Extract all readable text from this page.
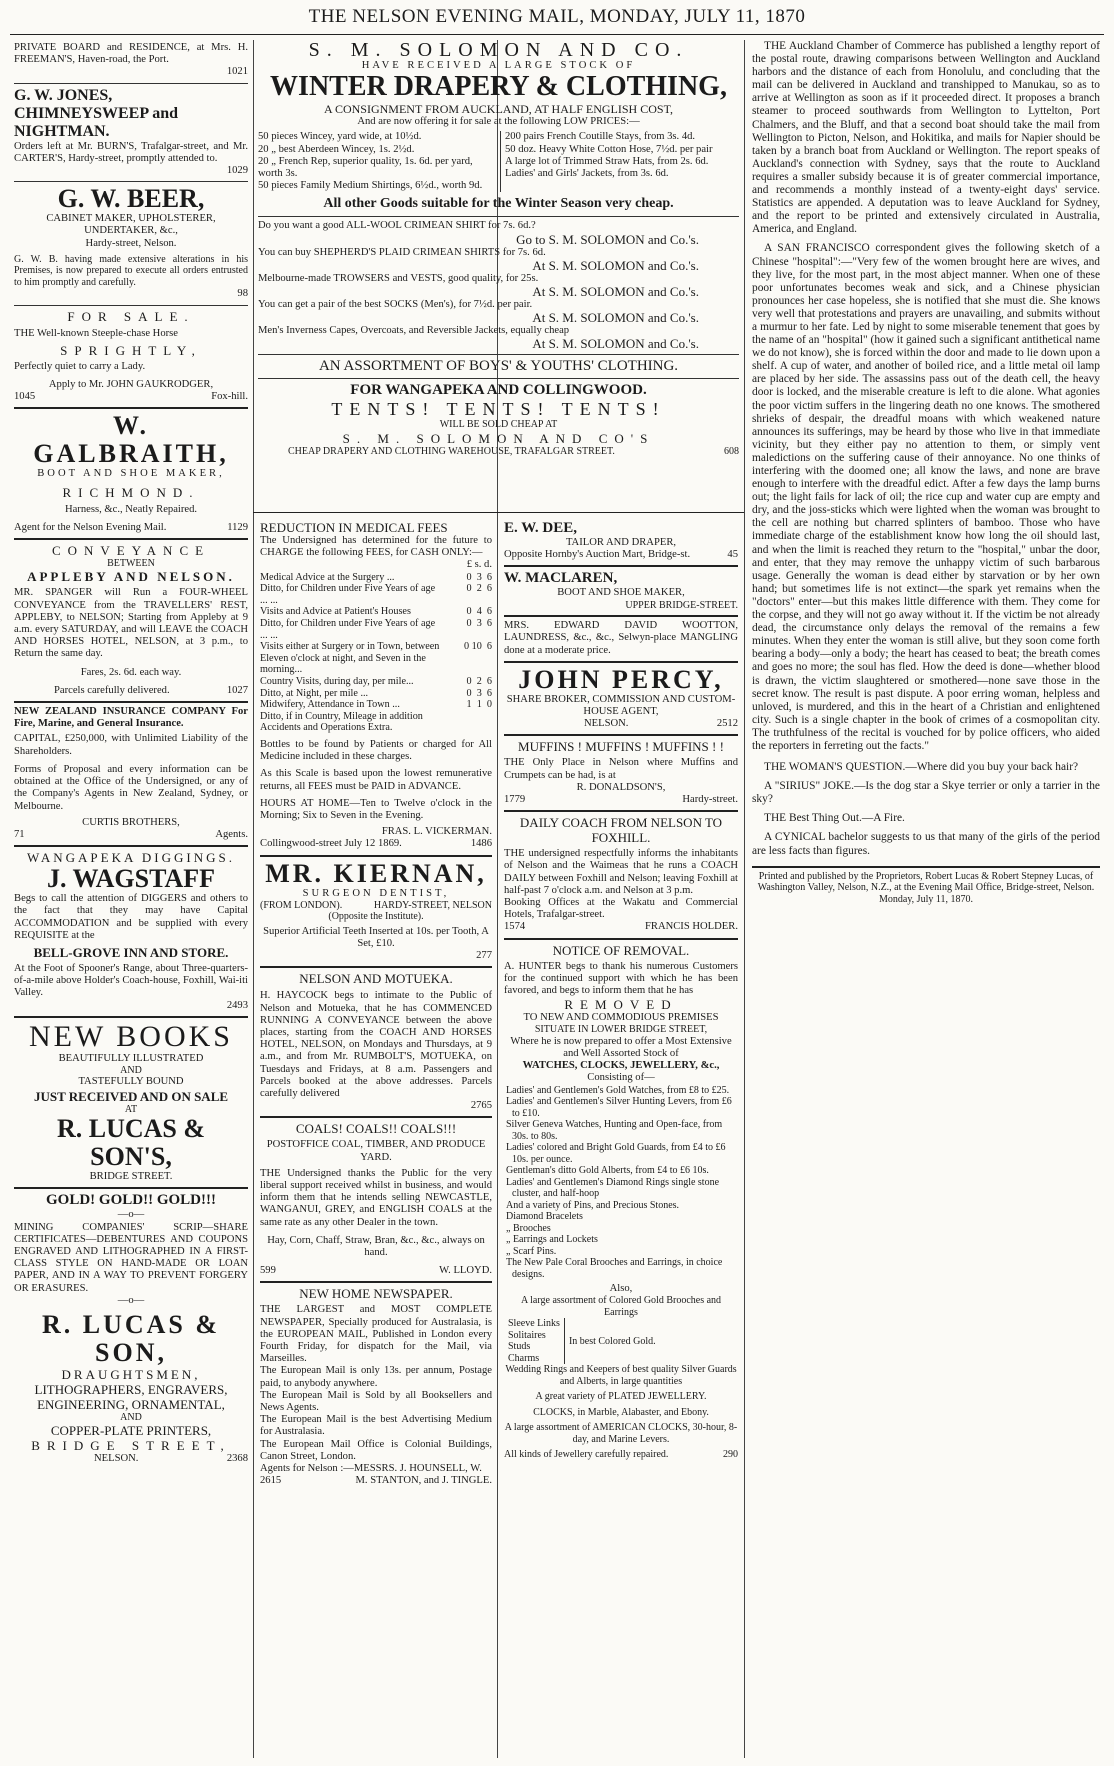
THE NELSON EVENING MAIL, MONDAY, JULY 11, 1870

PRIVATE BOARD and RESIDENCE, at Mrs. H. FREEMAN'S, Haven-road, the Port.

1021

G. W. JONES, CHIMNEYSWEEP and NIGHTMAN.

Orders left at Mr. BURN'S, Trafalgar-street, and Mr. CARTER'S, Hardy-street, promptly attended to.

1029

G. W. BEER,

CABINET MAKER, UPHOLSTERER,

UNDERTAKER, &c.,

Hardy-street, Nelson.

G. W. B. having made extensive alterations in his Premises, is now prepared to execute all orders entrusted to him promptly and carefully.

98

FOR SALE.

THE Well-known Steeple-chase Horse

SPRIGHTLY,

Perfectly quiet to carry a Lady.

Apply to Mr. JOHN GAUKRODGER,

1045	Fox-hill.

W. GALBRAITH,

BOOT AND SHOE MAKER,

RICHMOND.

Harness, &c., Neatly Repaired.

Agent for the Nelson Evening Mail.	1129

CONVEYANCE

BETWEEN

APPLEBY AND NELSON.

MR. SPANGER will Run a FOUR-WHEEL CONVEYANCE from the TRAVELLERS' REST, APPLEBY, to NELSON; Starting from Appleby at 9 a.m. every SATURDAY, and will LEAVE the COACH AND HORSES HOTEL, NELSON, at 3 p.m., to Return the same day.

Fares, 2s. 6d. each way.

Parcels carefully delivered.	1027

NEW ZEALAND INSURANCE COMPANY For Fire, Marine, and General Insurance.

CAPITAL, £250,000, with Unlimited Liability of the Shareholders.

Forms of Proposal and every information can be obtained at the Office of the Undersigned, or any of the Company's Agents in New Zealand, Sydney, or Melbourne.

CURTIS BROTHERS,

71	Agents.

WANGAPEKA DIGGINGS.

J. WAGSTAFF

Begs to call the attention of DIGGERS and others to the fact that they may have Capital ACCOMMODATION and be supplied with every REQUISITE at the

BELL-GROVE INN AND STORE.

At the Foot of Spooner's Range, about Three-quarters-of-a-mile above Holder's Coach-house, Foxhill, Wai-iti Valley.

2493

NEW BOOKS

BEAUTIFULLY ILLUSTRATED

AND

TASTEFULLY BOUND

JUST RECEIVED AND ON SALE

AT

R. LUCAS & SON'S,

BRIDGE STREET.

GOLD! GOLD!! GOLD!!!

—o—

MINING COMPANIES' SCRIP—SHARE CERTIFICATES—DEBENTURES AND COUPONS ENGRAVED AND LITHOGRAPHED IN A FIRST-CLASS STYLE ON HAND-MADE OR LOAN PAPER, AND IN A WAY TO PREVENT FORGERY OR ERASURES.

—o—

R. LUCAS & SON,

DRAUGHTSMEN,

LITHOGRAPHERS, ENGRAVERS,

ENGINEERING, ORNAMENTAL,

AND

COPPER-PLATE PRINTERS,

BRIDGE STREET,

NELSON.	2368

S. M. SOLOMON AND CO.

HAVE RECEIVED A LARGE STOCK OF

WINTER DRAPERY & CLOTHING,

A CONSIGNMENT FROM AUCKLAND, AT HALF ENGLISH COST,

And are now offering it for sale at the following LOW PRICES:—

50 pieces Wincey, yard wide, at 10½d.

20 „ best Aberdeen Wincey, 1s. 2½d.

20 „ French Rep, superior quality, 1s. 6d. per yard, worth 3s.

50 pieces Family Medium Shirtings, 6½d., worth 9d.

200 pairs French Coutille Stays, from 3s. 4d.

50 doz. Heavy White Cotton Hose, 7½d. per pair

A large lot of Trimmed Straw Hats, from 2s. 6d.

Ladies' and Girls' Jackets, from 3s. 6d.

All other Goods suitable for the Winter Season very cheap.

Do you want a good ALL-WOOL CRIMEAN SHIRT for 7s. 6d.?

Go to S. M. SOLOMON and Co.'s.

You can buy SHEPHERD'S PLAID CRIMEAN SHIRTS for 7s. 6d.

At S. M. SOLOMON and Co.'s.

Melbourne-made TROWSERS and VESTS, good quality, for 25s.

At S. M. SOLOMON and Co.'s.

You can get a pair of the best SOCKS (Men's), for 7½d. per pair.

At S. M. SOLOMON and Co.'s.

Men's Inverness Capes, Overcoats, and Reversible Jackets, equally cheap

At S. M. SOLOMON and Co.'s.

AN ASSORTMENT OF BOYS' & YOUTHS' CLOTHING.

FOR WANGAPEKA AND COLLINGWOOD.

TENTS! TENTS! TENTS!

WILL BE SOLD CHEAP AT

S. M. SOLOMON AND CO'S

CHEAP DRAPERY AND CLOTHING WAREHOUSE, TRAFALGAR STREET.	608

REDUCTION IN MEDICAL FEES

The Undersigned has determined for the future to CHARGE the following FEES, for CASH ONLY:—

£ s. d.

Medical Advice at the Surgery ...	0  3  6
Ditto, for Children under Five Years of age ... ...	0  2  6
Visits and Advice at Patient's Houses	0  4  6
Ditto, for Children under Five Years of age ... ...	0  3  6
Visits either at Surgery or in Town, between Eleven o'clock at night, and Seven in the morning...	0 10  6
Country Visits, during day, per mile...	0  2  6
Ditto, at Night, per mile ...	0  3  6
Midwifery, Attendance in Town ...	1  1  0
Ditto, if in Country, Mileage in addition	
Accidents and Operations Extra.	

Bottles to be found by Patients or charged for All Medicine included in these charges.

As this Scale is based upon the lowest remunerative returns, all FEES must be PAID in ADVANCE.

HOURS AT HOME—Ten to Twelve o'clock in the Morning; Six to Seven in the Evening.

FRAS. L. VICKERMAN.

Collingwood-street July 12 1869.	1486

MR. KIERNAN,

SURGEON DENTIST,

(FROM LONDON).	HARDY-STREET, NELSON

(Opposite the Institute).

Superior Artificial Teeth Inserted at 10s. per Tooth, A Set, £10.

277

NELSON AND MOTUEKA.

H. HAYCOCK begs to intimate to the Public of Nelson and Motueka, that he has COMMENCED RUNNING A CONVEYANCE between the above places, starting from the COACH AND HORSES HOTEL, NELSON, on Mondays and Thursdays, at 9 a.m., and from Mr. RUMBOLT'S, MOTUEKA, on Tuesdays and Fridays, at 8 a.m. Passengers and Parcels booked at the above addresses. Parcels carefully delivered

2765

COALS! COALS!! COALS!!!

POSTOFFICE COAL, TIMBER, AND PRODUCE YARD.

THE Undersigned thanks the Public for the very liberal support received whilst in business, and would inform them that he intends selling NEWCASTLE, WANGANUI, GREY, and ENGLISH COALS at the same rate as any other Dealer in the town.

Hay, Corn, Chaff, Straw, Bran, &c., &c., always on hand.

599	W. LLOYD.

NEW HOME NEWSPAPER.

THE LARGEST and MOST COMPLETE NEWSPAPER, Specially produced for Australasia, is the EUROPEAN MAIL, Published in London every Fourth Friday, for dispatch for the Mail, via Marseilles.

The European Mail is only 13s. per annum, Postage paid, to anybody anywhere.

The European Mail is Sold by all Booksellers and News Agents.

The European Mail is the best Advertising Medium for Australasia.

The European Mail Office is Colonial Buildings, Canon Street, London.

Agents for Nelson :—MESSRS. J. HOUNSELL, W.

2615	M. STANTON, and J. TINGLE.

E. W. DEE,

TAILOR AND DRAPER,

Opposite Hornby's Auction Mart, Bridge-st.	45

W. MACLAREN,

BOOT AND SHOE MAKER,

UPPER BRIDGE-STREET.

MRS. EDWARD DAVID WOOTTON, LAUNDRESS, &c., &c., Selwyn-place MANGLING done at a moderate price.

JOHN PERCY,

SHARE BROKER, COMMISSION AND CUSTOM-HOUSE AGENT,

NELSON.	2512

MUFFINS ! MUFFINS ! MUFFINS ! !

THE Only Place in Nelson where Muffins and Crumpets can be had, is at

R. DONALDSON'S,

1779	Hardy-street.

DAILY COACH FROM NELSON TO FOXHILL.

THE undersigned respectfully informs the inhabitants of Nelson and the Waimeas that he runs a COACH DAILY between Foxhill and Nelson; leaving Foxhill at half-past 7 o'clock a.m. and Nelson at 3 p.m.

Booking Offices at the Wakatu and Commercial Hotels, Trafalgar-street.

1574	FRANCIS HOLDER.

NOTICE OF REMOVAL.

A. HUNTER begs to thank his numerous Customers for the continued support with which he has been favored, and begs to inform them that he has

REMOVED

TO NEW AND COMMODIOUS PREMISES

SITUATE IN LOWER BRIDGE STREET,

Where he is now prepared to offer a Most Extensive and Well Assorted Stock of

WATCHES, CLOCKS, JEWELLERY, &c.,

Consisting of—

Ladies' and Gentlemen's Gold Watches, from £8 to £25.

Ladies' and Gentlemen's Silver Hunting Levers, from £6 to £10.

Silver Geneva Watches, Hunting and Open-face, from 30s. to 80s.

Ladies' colored and Bright Gold Guards, from £4 to £6 10s. per ounce.

Gentleman's ditto Gold Alberts, from £4 to £6 10s.

Ladies' and Gentlemen's Diamond Rings single stone cluster, and half-hoop

And a variety of Pins, and Precious Stones.

Diamond Bracelets

„ Brooches

„ Earrings and Lockets

„ Scarf Pins.

The New Pale Coral Brooches and Earrings, in choice designs.

Also,

A large assortment of Colored Gold Brooches and Earrings

Sleeve Links

Solitaires

Studs

Charms

In best Colored Gold.

Wedding Rings and Keepers of best quality Silver Guards and Alberts, in large quantities

A great variety of PLATED JEWELLERY.

CLOCKS, in Marble, Alabaster, and Ebony.

A large assortment of AMERICAN CLOCKS, 30-hour, 8-day, and Marine Levers.

All kinds of Jewellery carefully repaired.	290

THE Auckland Chamber of Commerce has published a lengthy report of the postal route, drawing comparisons between Wellington and Auckland harbors and the distance of each from Honolulu, and concluding that the mail can be delivered in Auckland and transhipped to Manukau, so as to arrive at Wellington as soon as if it proceeded direct. It proposes a branch steamer to proceed southwards from Wellington to Lyttelton, Port Chalmers, and the Bluff, and that a second boat should take the mail from Wellington to Picton, Nelson, and Hokitika, and mails for Napier should be taken by a branch boat from Auckland or Wellington. The report speaks of Auckland's connection with Sydney, says that the route to Auckland requires a smaller subsidy because it is of greater commercial importance, and recommends a monthly instead of a twenty-eight days' service. Statistics are appended. A deputation was to leave Auckland for Sydney, and the report to be printed and extensively circulated in Australia, America, and England.

A SAN FRANCISCO correspondent gives the following sketch of a Chinese "hospital":—"Very few of the women brought here are wives, and they live, for the most part, in the most abject manner. When one of these poor unfortunates becomes weak and sick, and a Chinese physician pronounces her case hopeless, she is notified that she must die. She knows very well that protestations and prayers are unavailing, and submits without a murmur to her fate. Led by night to some miserable tenement that goes by the name of an "hospital" (how it gained such a significant antithetical name we do not know), she is forced within the door and made to lie down upon a shelf. A cup of water, and another of boiled rice, and a little metal oil lamp are placed by her side. The assassins pass out of the death cell, the heavy door is locked, and the miserable creature is left to die alone. What agonies the poor victim suffers in the lingering death no one knows. The smothered shrieks of despair, the dreadful moans with which weakened nature announces its sufferings, may be heard by those who live in that immediate vicinity, but they either pay no attention to them, or simply vent maledictions on the suffering cause of their annoyance. No one thinks of interfering with the doomed one; all know the laws, and none are brave enough to interfere with the dreadful edict. After a few days the lamp burns out; the light fails for lack of oil; the rice cup and water cup are empty and dry, and the joss-sticks which were lighted when the woman was brought to the cell are nothing but charred splinters of bamboo. Those who have immediate charge of the establishment know how long the oil should last, and when the limit is reached they return to the "hospital," unbar the door, and enter, that they may remove the unhappy victim of such barbarous usage. Generally the woman is dead either by starvation or by her own hand; but sometimes life is not extinct—the spark yet remains when the "doctors" enter—but this makes little difference with them. They come for the corpse, and they will not go away without it. If the victim be not already dead, the circumstance only delays the removal of the remains a few minutes. When they enter the woman is still alive, but they soon come forth bearing a body—only a body; the heart has ceased to beat; the breath comes and goes no more; the soul has fled. How the deed is done—whether blood is drawn, the victim slaughtered or smothered—none save those in the secret know. The result is past dispute. A poor erring woman, helpless and unloved, is murdered, and this in the heart of a Christian and enlightened city. Such is a single chapter in the book of crimes of a cosmopolitan city. The truthfulness of the recital is vouched for by police officers, who aided the reporters in ferreting out the facts."

THE WOMAN'S QUESTION.—Where did you buy your back hair?

A "SIRIUS" JOKE.—Is the dog star a Skye terrier or only a tarrier in the sky?

THE Best Thing Out.—A Fire.

A CYNICAL bachelor suggests to us that many of the girls of the period are less facts than figures.

Printed and published by the Proprietors, Robert Lucas & Robert Stepney Lucas, of Washington Valley, Nelson, N.Z., at the Evening Mail Office, Bridge-street, Nelson.

Monday, July 11, 1870.
